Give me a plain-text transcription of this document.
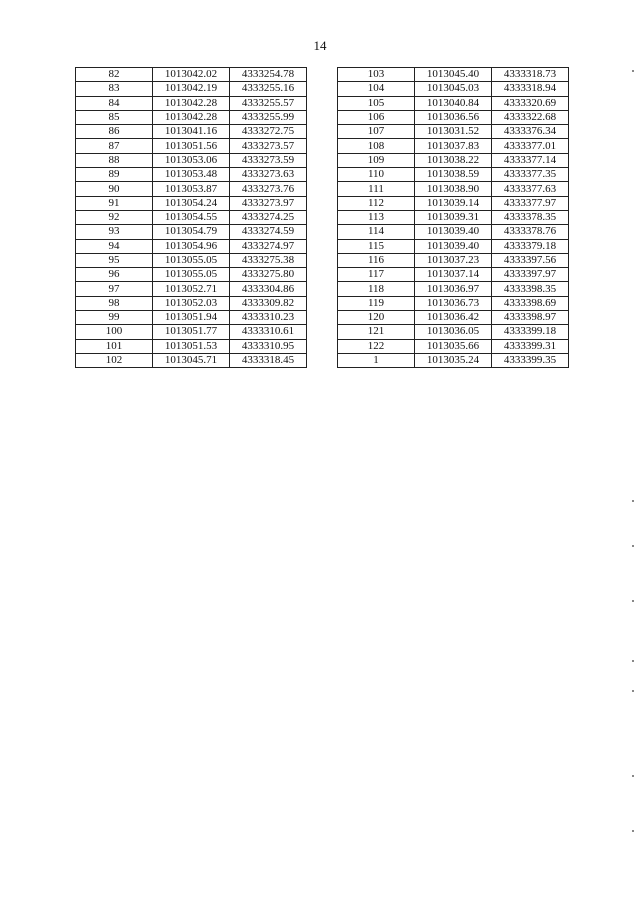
14
82	1013042.02	4333254.78
83	1013042.19	4333255.16
84	1013042.28	4333255.57
85	1013042.28	4333255.99
86	1013041.16	4333272.75
87	1013051.56	4333273.57
88	1013053.06	4333273.59
89	1013053.48	4333273.63
90	1013053.87	4333273.76
91	1013054.24	4333273.97
92	1013054.55	4333274.25
93	1013054.79	4333274.59
94	1013054.96	4333274.97
95	1013055.05	4333275.38
96	1013055.05	4333275.80
97	1013052.71	4333304.86
98	1013052.03	4333309.82
99	1013051.94	4333310.23
100	1013051.77	4333310.61
101	1013051.53	4333310.95
102	1013045.71	4333318.45
103	1013045.40	4333318.73
104	1013045.03	4333318.94
105	1013040.84	4333320.69
106	1013036.56	4333322.68
107	1013031.52	4333376.34
108	1013037.83	4333377.01
109	1013038.22	4333377.14
110	1013038.59	4333377.35
111	1013038.90	4333377.63
112	1013039.14	4333377.97
113	1013039.31	4333378.35
114	1013039.40	4333378.76
115	1013039.40	4333379.18
116	1013037.23	4333397.56
117	1013037.14	4333397.97
118	1013036.97	4333398.35
119	1013036.73	4333398.69
120	1013036.42	4333398.97
121	1013036.05	4333399.18
122	1013035.66	4333399.31
1	1013035.24	4333399.35
